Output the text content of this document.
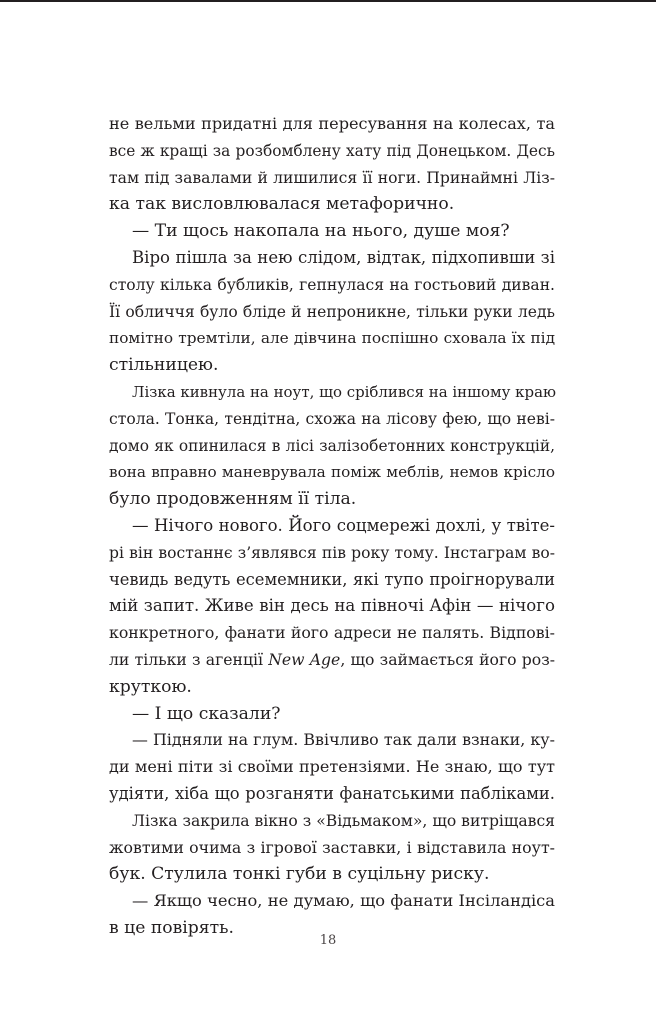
не вельми придатні для пересування на колесах, та
все ж кращі за розбомблену хату під Донецьком. Десь
там під завалами й лишилися її ноги. Принаймні Ліз-
ка так висловлювалася метафорично.
— Ти щось накопала на нього, душе моя?
Віро пішла за нею слідом, відтак, підхопивши зі
столу кілька бубликів, гепнулася на гостьовий диван.
Її обличчя було бліде й непроникне, тільки руки ледь
помітно тремтіли, але дівчина поспішно сховала їх під
стільницею.
Лізка кивнула на ноут, що сріблився на іншому краю
стола. Тонка, тендітна, схожа на лісову фею, що неві-
домо як опинилася в лісі залізобетонних конструкцій,
вона вправно маневрувала поміж меблів, немов крісло
було продовженням її тіла.
— Нічого нового. Його соцмережі дохлі, у твіте-
рі він востаннє з’являвся пів року тому. Інстаграм во-
чевидь ведуть есемемники, які тупо проігнорували
мій запит. Живе він десь на півночі Афін — нічого
конкретного, фанати його адреси не палять. Відпові-
ли тільки з агенції New Age, що займається його роз-
круткою.
— І що сказали?
— Підняли на глум. Ввічливо так дали взнаки, ку-
ди мені піти зі своїми претензіями. Не знаю, що тут
удіяти, хіба що розганяти фанатськими пабліками.
Лізка закрила вікно з «Відьмаком», що витріщався
жовтими очима з ігрової заставки, і відставила ноут-
бук. Стулила тонкі губи в суцільну риску.
— Якщо чесно, не думаю, що фанати Інсіландіса
в це повірять.
18
